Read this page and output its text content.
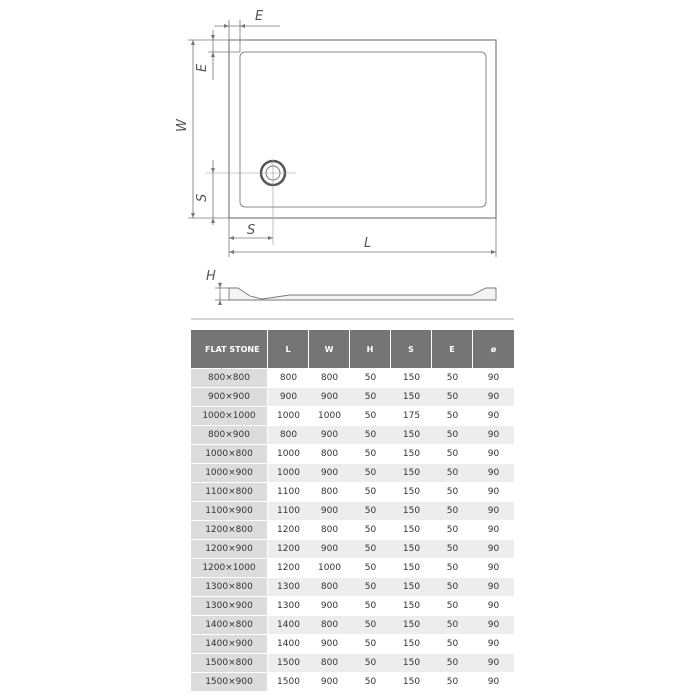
E
E
W
S
S
L
H
FLAT STONE	L	W	H	S	E	ø
800×800	800	800	50	150	50	90
900×900	900	900	50	150	50	90
1000×1000	1000	1000	50	175	50	90
800×900	800	900	50	150	50	90
1000×800	1000	800	50	150	50	90
1000×900	1000	900	50	150	50	90
1100×800	1100	800	50	150	50	90
1100×900	1100	900	50	150	50	90
1200×800	1200	800	50	150	50	90
1200×900	1200	900	50	150	50	90
1200×1000	1200	1000	50	150	50	90
1300×800	1300	800	50	150	50	90
1300×900	1300	900	50	150	50	90
1400×800	1400	800	50	150	50	90
1400×900	1400	900	50	150	50	90
1500×800	1500	800	50	150	50	90
1500×900	1500	900	50	150	50	90
